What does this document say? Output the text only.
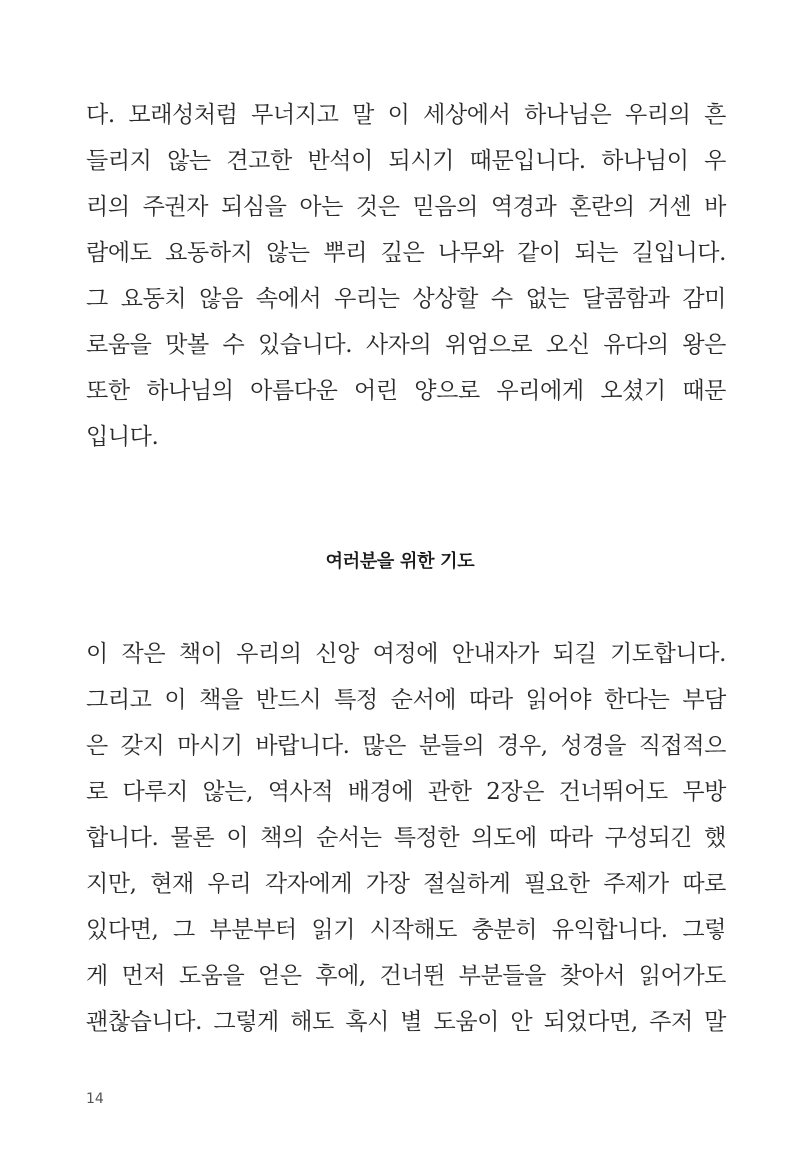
다. 모래성처럼 무너지고 말 이 세상에서 하나님은 우리의 흔
들리지 않는 견고한 반석이 되시기 때문입니다. 하나님이 우
리의 주권자 되심을 아는 것은 믿음의 역경과 혼란의 거센 바
람에도 요동하지 않는 뿌리 깊은 나무와 같이 되는 길입니다.
그 요동치 않음 속에서 우리는 상상할 수 없는 달콤함과 감미
로움을 맛볼 수 있습니다. 사자의 위엄으로 오신 유다의 왕은
또한 하나님의 아름다운 어린 양으로 우리에게 오셨기 때문
입니다.
여러분을 위한 기도
이 작은 책이 우리의 신앙 여정에 안내자가 되길 기도합니다.
그리고 이 책을 반드시 특정 순서에 따라 읽어야 한다는 부담
은 갖지 마시기 바랍니다. 많은 분들의 경우, 성경을 직접적으
로 다루지 않는, 역사적 배경에 관한 2장은 건너뛰어도 무방
합니다. 물론 이 책의 순서는 특정한 의도에 따라 구성되긴 했
지만, 현재 우리 각자에게 가장 절실하게 필요한 주제가 따로
있다면, 그 부분부터 읽기 시작해도 충분히 유익합니다. 그렇
게 먼저 도움을 얻은 후에, 건너뛴 부분들을 찾아서 읽어가도
괜찮습니다. 그렇게 해도 혹시 별 도움이 안 되었다면, 주저 말
14
